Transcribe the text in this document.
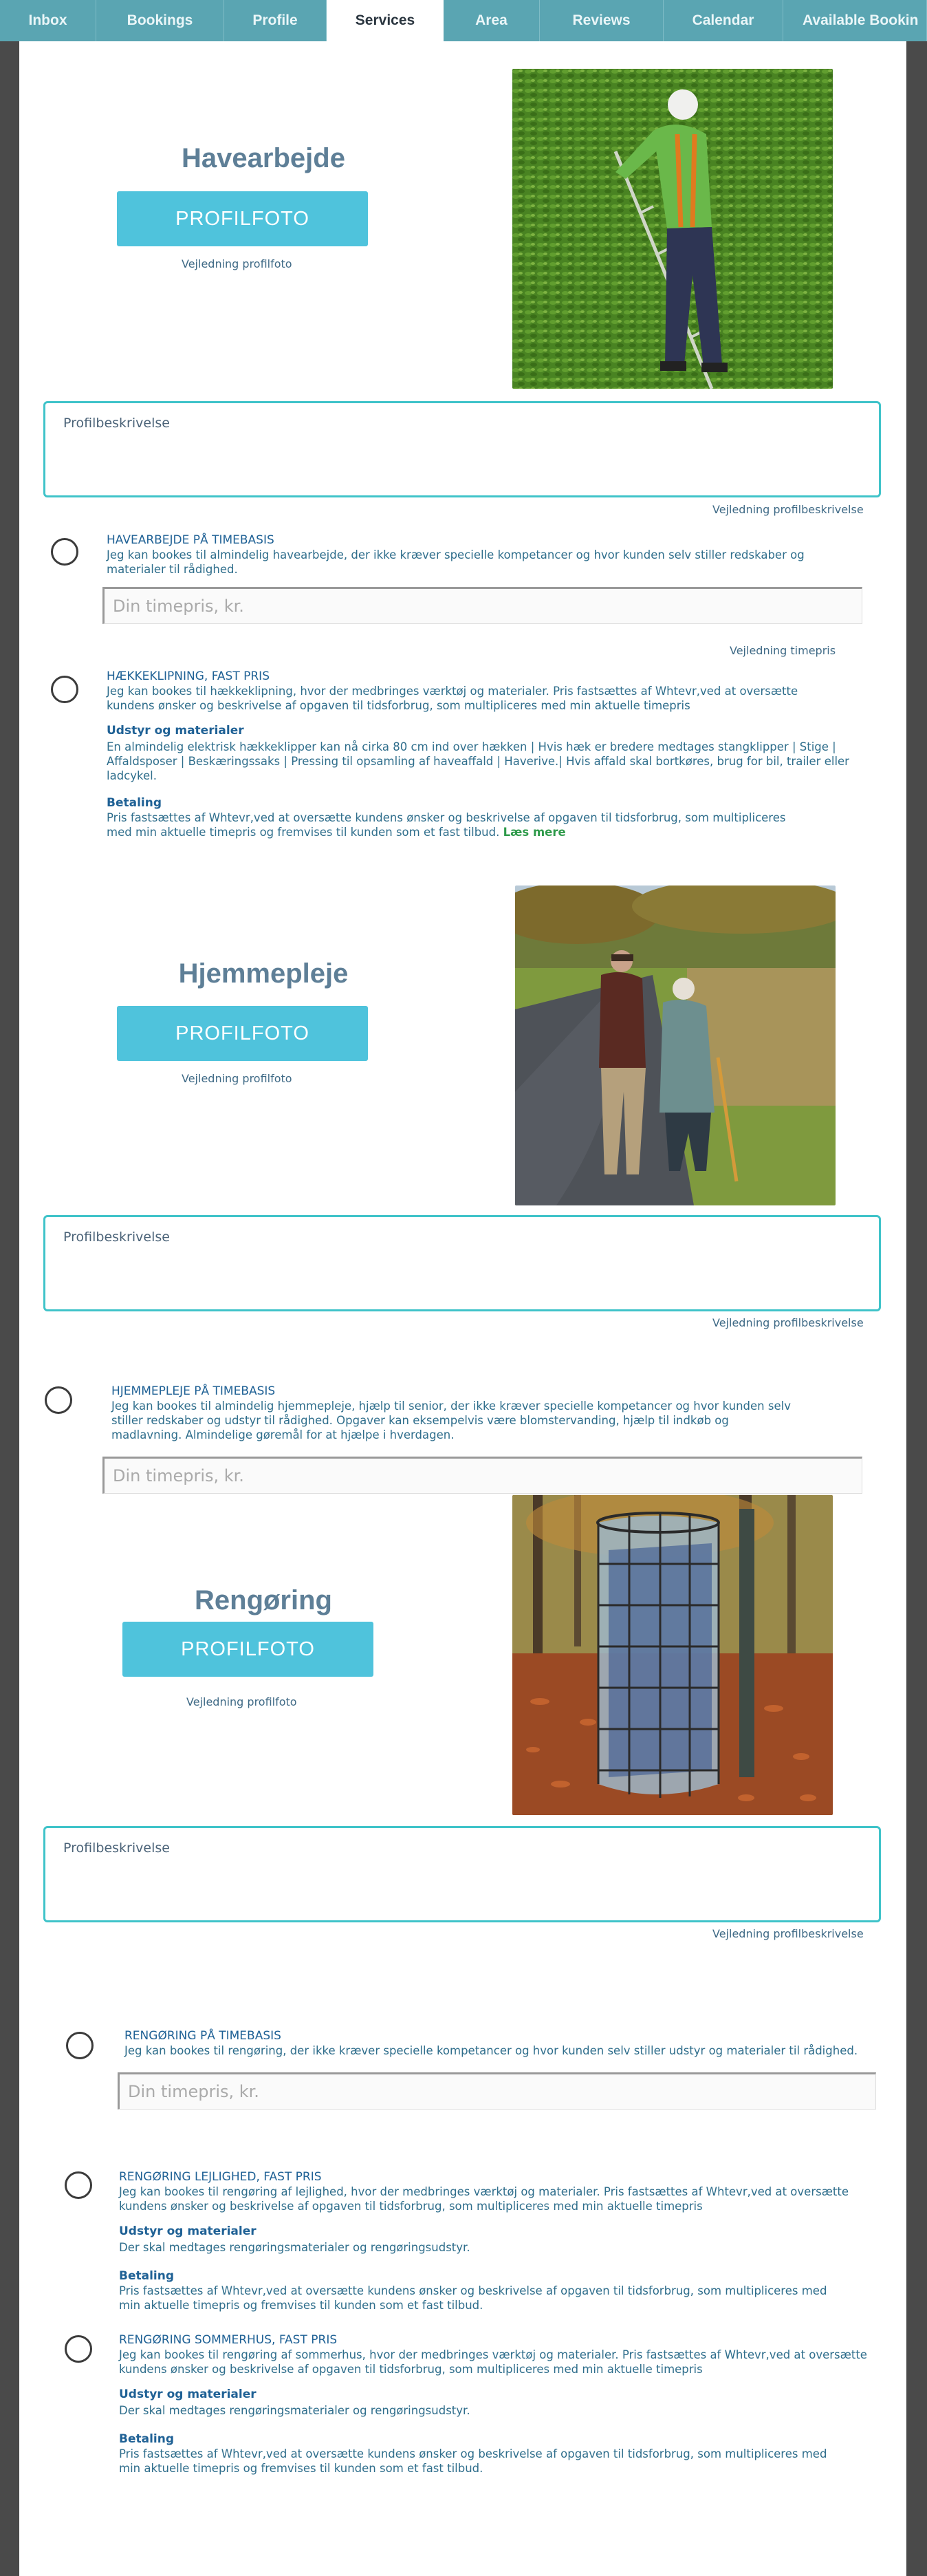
Inbox	Bookings	Profile	Services	Area	Reviews	Calendar	Available Bookin
Havearbejde
PROFILFOTO
Vejledning profilfoto
Profilbeskrivelse
Vejledning profilbeskrivelse
HAVEARBEJDE PÅ TIMEBASIS
Jeg kan bookes til almindelig havearbejde, der ikke kræver specielle kompetancer og hvor kunden selv stiller redskaber og materialer til rådighed.
Din timepris, kr.
Vejledning timepris
HÆKKEKLIPNING, FAST PRIS
Jeg kan bookes til hækkeklipning, hvor der medbringes værktøj og materialer. Pris fastsættes af Whtevr,ved at oversætte kundens ønsker og beskrivelse af opgaven til tidsforbrug, som multipliceres med min aktuelle timepris
Udstyr og materialer
En almindelig elektrisk hækkeklipper kan nå cirka 80 cm ind over hækken | Hvis hæk er bredere medtages stangklipper | Stige | Affaldsposer | Beskæringssaks | Pressing til opsamling af haveaffald | Haverive.| Hvis affald skal bortkøres, brug for bil, trailer eller ladcykel.
Betaling
Pris fastsættes af Whtevr,ved at oversætte kundens ønsker og beskrivelse af opgaven til tidsforbrug, som multipliceres med min aktuelle timepris og fremvises til kunden som et fast tilbud. Læs mere
Hjemmepleje
PROFILFOTO
Vejledning profilfoto
Profilbeskrivelse
Vejledning profilbeskrivelse
HJEMMEPLEJE PÅ TIMEBASIS
Jeg kan bookes til almindelig hjemmepleje, hjælp til senior, der ikke kræver specielle kompetancer og hvor kunden selv stiller redskaber og udstyr til rådighed. Opgaver kan eksempelvis være blomstervanding, hjælp til indkøb og madlavning. Almindelige gøremål for at hjælpe i hverdagen.
Din timepris, kr.
Rengøring
PROFILFOTO
Vejledning profilfoto
Profilbeskrivelse
Vejledning profilbeskrivelse
RENGØRING PÅ TIMEBASIS
Jeg kan bookes til rengøring, der ikke kræver specielle kompetancer og hvor kunden selv stiller udstyr og materialer til rådighed.
Din timepris, kr.
RENGØRING LEJLIGHED, FAST PRIS
Jeg kan bookes til rengøring af lejlighed, hvor der medbringes værktøj og materialer. Pris fastsættes af Whtevr,ved at oversætte kundens ønsker og beskrivelse af opgaven til tidsforbrug, som multipliceres med min aktuelle timepris
Udstyr og materialer
Der skal medtages rengøringsmaterialer og rengøringsudstyr.
Betaling
Pris fastsættes af Whtevr,ved at oversætte kundens ønsker og beskrivelse af opgaven til tidsforbrug, som multipliceres med min aktuelle timepris og fremvises til kunden som et fast tilbud.
RENGØRING SOMMERHUS, FAST PRIS
Jeg kan bookes til rengøring af sommerhus, hvor der medbringes værktøj og materialer. Pris fastsættes af Whtevr,ved at oversætte kundens ønsker og beskrivelse af opgaven til tidsforbrug, som multipliceres med min aktuelle timepris
Udstyr og materialer
Der skal medtages rengøringsmaterialer og rengøringsudstyr.
Betaling
Pris fastsættes af Whtevr,ved at oversætte kundens ønsker og beskrivelse af opgaven til tidsforbrug, som multipliceres med min aktuelle timepris og fremvises til kunden som et fast tilbud.
